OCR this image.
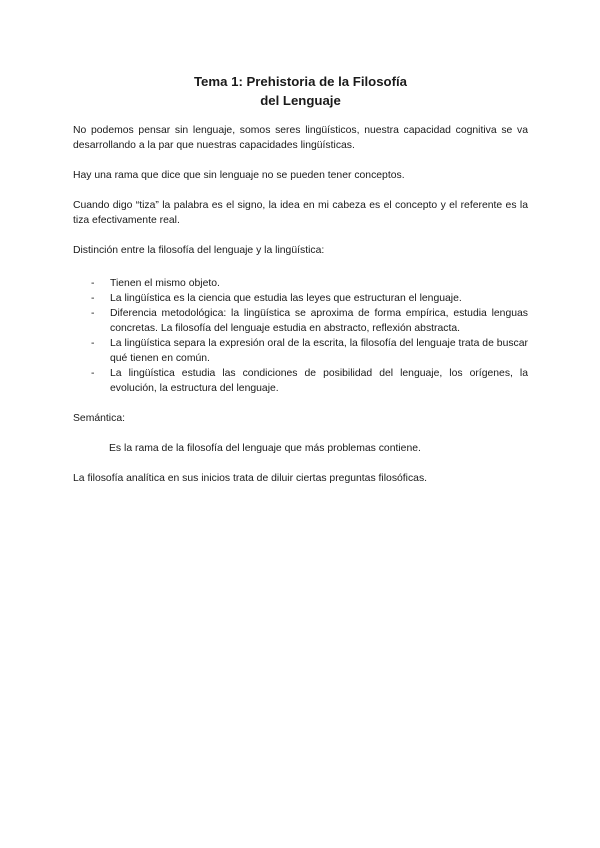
Tema 1: Prehistoria de la Filosofía
del Lenguaje

No podemos pensar sin lenguaje, somos seres lingüísticos, nuestra capacidad cognitiva se va desarrollando a la par que nuestras capacidades lingüísticas.

Hay una rama que dice que sin lenguaje no se pueden tener conceptos.

Cuando digo “tiza” la palabra es el signo, la idea en mi cabeza es el concepto y el referente es la tiza efectivamente real.

Distinción entre la filosofía del lenguaje y la lingüística:

- Tienen el mismo objeto.
- La lingüística es la ciencia que estudia las leyes que estructuran el lenguaje.
- Diferencia metodológica: la lingüística se aproxima de forma empírica, estudia lenguas concretas. La filosofía del lenguaje estudia en abstracto, reflexión abstracta.
- La lingüística separa la expresión oral de la escrita, la filosofía del lenguaje trata de buscar qué tienen en común.
- La lingüística estudia las condiciones de posibilidad del lenguaje, los orígenes, la evolución, la estructura del lenguaje.

Semántica:

Es la rama de la filosofía del lenguaje que más problemas contiene.

La filosofía analítica en sus inicios trata de diluir ciertas preguntas filosóficas.
